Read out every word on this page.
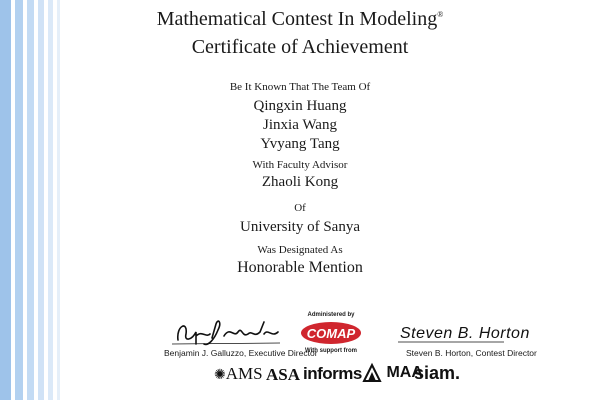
Mathematical Contest In Modeling®
Certificate of Achievement
Be It Known That The Team Of
Qingxin Huang
Jinxia Wang
Yvyang Tang
With Faculty Advisor
Zhaoli Kong
Of
University of Sanya
Was Designated As
Honorable Mention
Benjamin J. Galluzzo, Executive Director
Administered by
COMAP
With support from
Steven B. Horton
Steven B. Horton, Contest Director
✺AMS ASA informs	MAA
siam.
